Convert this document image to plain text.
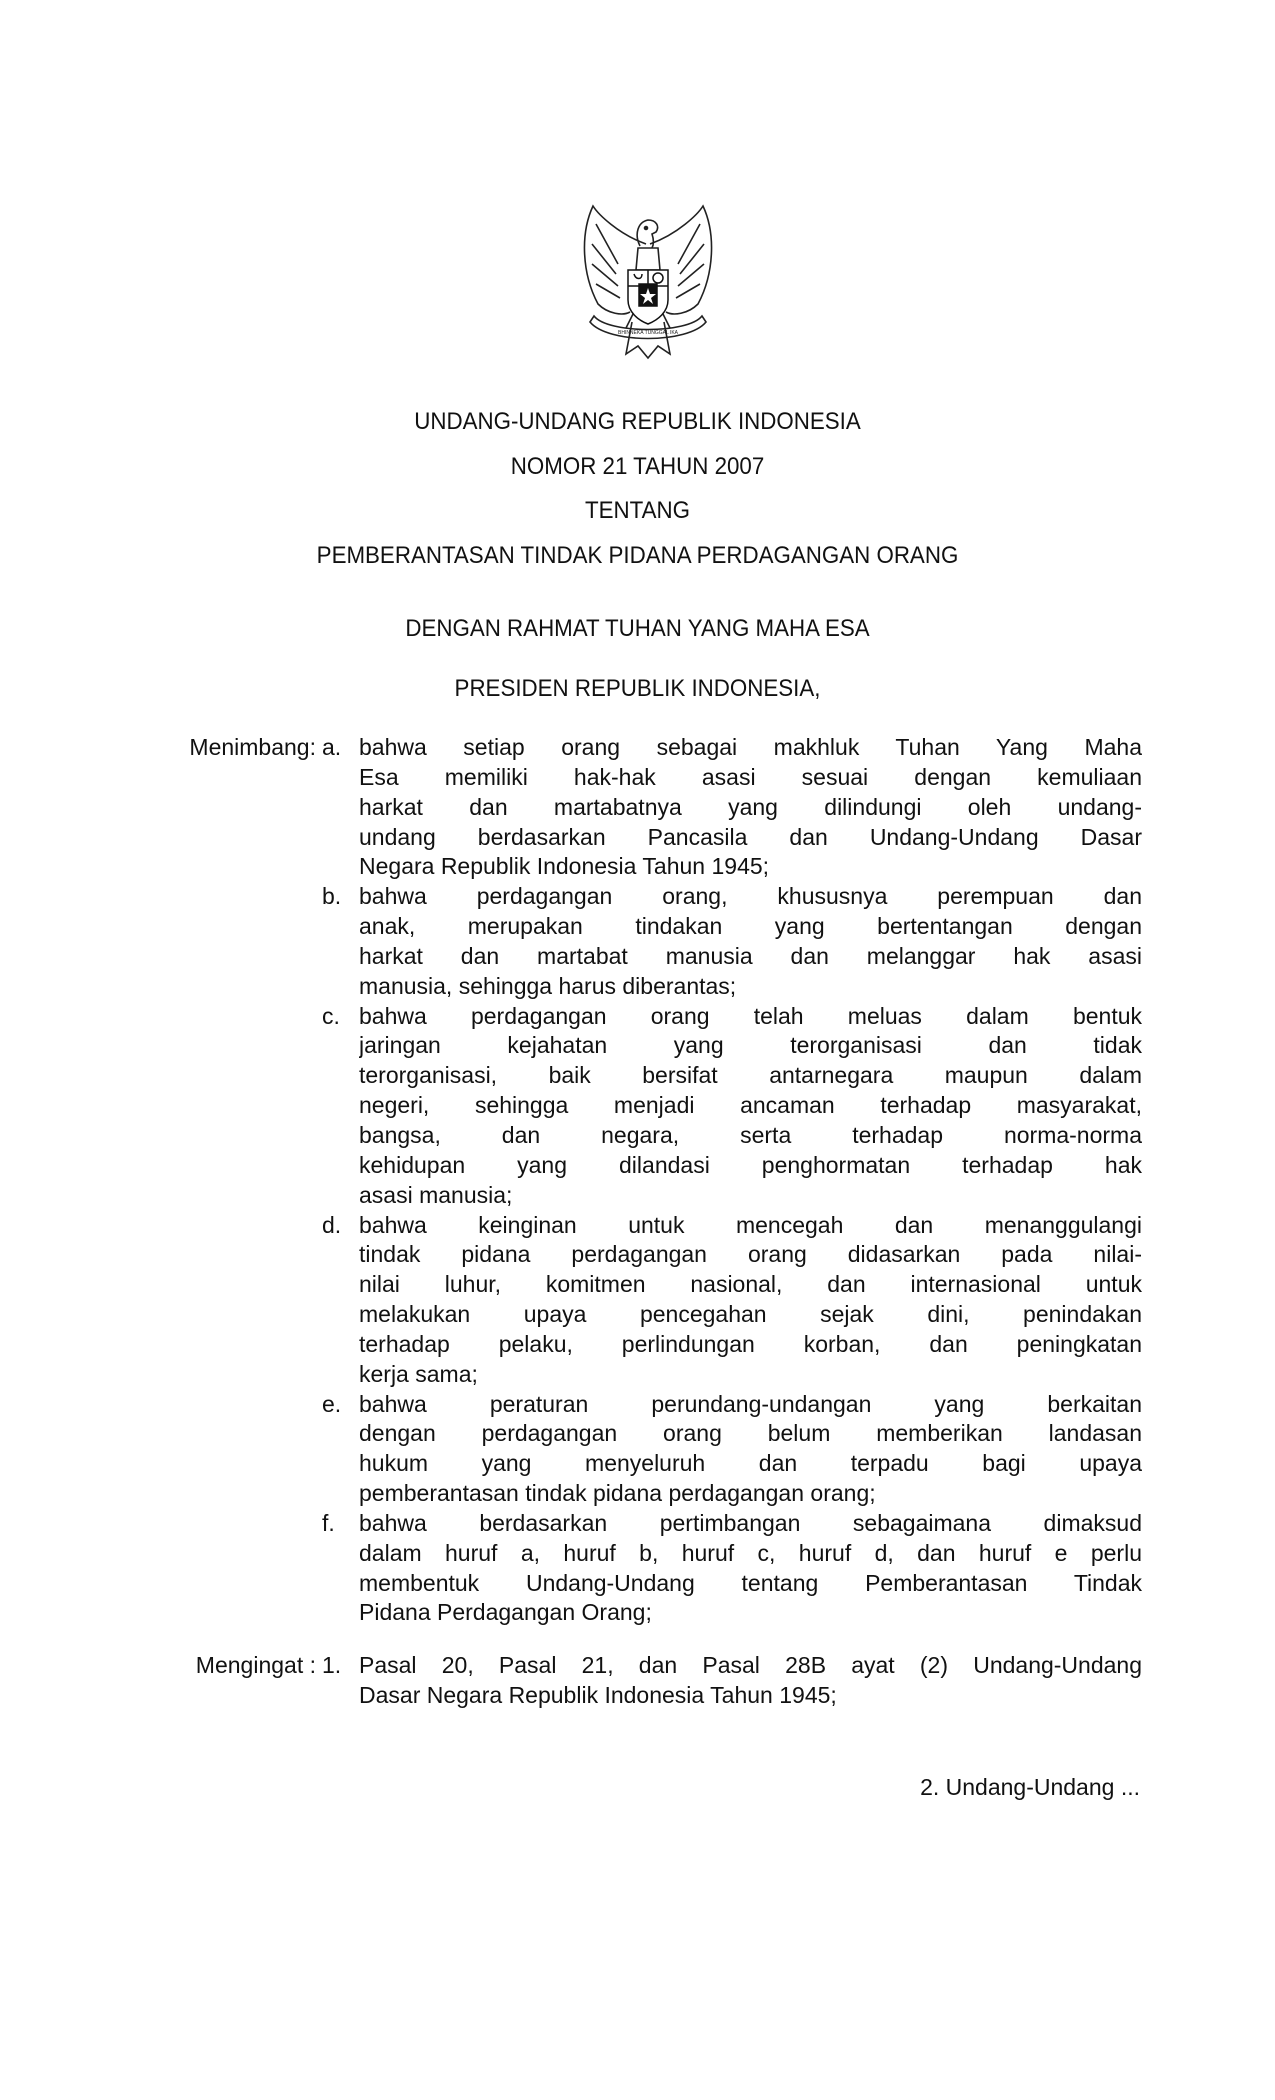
BHINNEKA TUNGGAL IKA
UNDANG-UNDANG REPUBLIK INDONESIA
NOMOR 21 TAHUN 2007
TENTANG
PEMBERANTASAN TINDAK PIDANA PERDAGANGAN ORANG
DENGAN RAHMAT TUHAN YANG MAHA ESA
PRESIDEN REPUBLIK INDONESIA,
Menimbang: a. bahwa setiap orang sebagai makhluk Tuhan Yang Maha
Esa memiliki hak-hak asasi sesuai dengan kemuliaan
harkat dan martabatnya yang dilindungi oleh undang-
undang berdasarkan Pancasila dan Undang-Undang Dasar
Negara Republik Indonesia Tahun 1945;
b. bahwa perdagangan orang, khususnya perempuan dan
anak, merupakan tindakan yang bertentangan dengan
harkat dan martabat manusia dan melanggar hak asasi
manusia, sehingga harus diberantas;
c. bahwa perdagangan orang telah meluas dalam bentuk
jaringan kejahatan yang terorganisasi dan tidak
terorganisasi, baik bersifat antarnegara maupun dalam
negeri, sehingga menjadi ancaman terhadap masyarakat,
bangsa, dan negara, serta terhadap norma-norma
kehidupan yang dilandasi penghormatan terhadap hak
asasi manusia;
d. bahwa keinginan untuk mencegah dan menanggulangi
tindak pidana perdagangan orang didasarkan pada nilai-
nilai luhur, komitmen nasional, dan internasional untuk
melakukan upaya pencegahan sejak dini, penindakan
terhadap pelaku, perlindungan korban, dan peningkatan
kerja sama;
e. bahwa peraturan perundang-undangan yang berkaitan
dengan perdagangan orang belum memberikan landasan
hukum yang menyeluruh dan terpadu bagi upaya
pemberantasan tindak pidana perdagangan orang;
f.	bahwa berdasarkan pertimbangan sebagaimana dimaksud
dalam huruf a, huruf b, huruf c, huruf d, dan huruf e perlu
membentuk Undang-Undang tentang Pemberantasan Tindak
Pidana Perdagangan Orang;
Mengingat : 1. Pasal 20, Pasal 21, dan Pasal 28B ayat (2) Undang-Undang
Dasar Negara Republik Indonesia Tahun 1945;
2. Undang-Undang ...
